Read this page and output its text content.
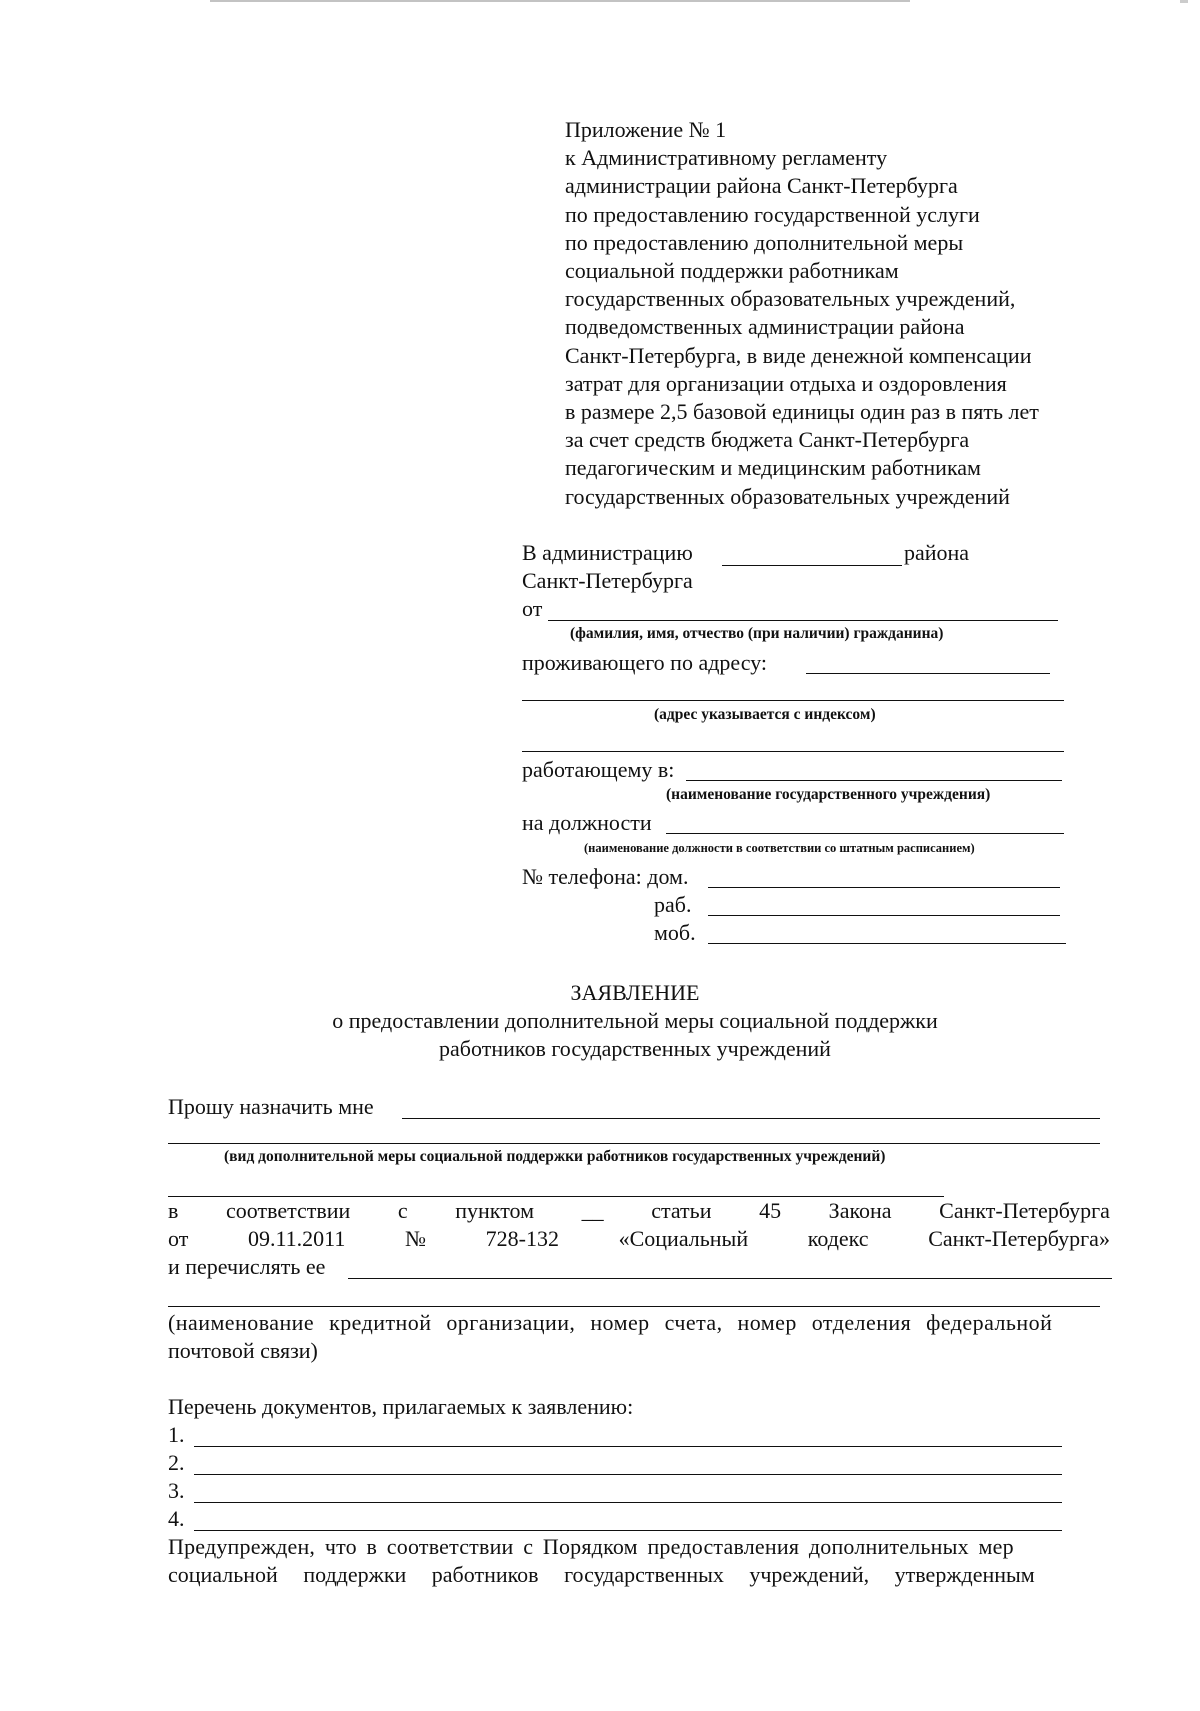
Приложение № 1
к Административному регламенту
администрации района Санкт-Петербурга
по предоставлению государственной услуги
по предоставлению дополнительной меры
социальной поддержки работникам
государственных образовательных учреждений,
подведомственных администрации района
Санкт-Петербурга, в виде денежной компенсации
затрат для организации отдыха и оздоровления
в размере 2,5 базовой единицы один раз в пять лет
за счет средств бюджета Санкт-Петербурга
педагогическим и медицинским работникам
государственных образовательных учреждений
В администрацию	района
Санкт-Петербурга
от
(фамилия, имя, отчество (при наличии) гражданина)
проживающего по адресу:
(адрес указывается с индексом)
работающему в:
(наименование государственного учреждения)
на должности
(наименование должности в соответствии со штатным расписанием)
№ телефона: дом.
раб.
моб.
ЗАЯВЛЕНИЕ
о предоставлении дополнительной меры социальной поддержки
работников государственных учреждений
Прошу назначить мне
(вид дополнительной меры социальной поддержки работников государственных учреждений)
в соответствии с пунктом __ статьи 45 Закона Санкт-Петербурга
от	09.11.2011	№	728-132	«Социальный	кодекс	Санкт-Петербурга»
и перечислять ее
(наименование кредитной организации, номер счета, номер отделения федеральной
почтовой связи)
Перечень документов, прилагаемых к заявлению:
1.
2.
3.
4.
Предупрежден, что в соответствии с Порядком предоставления дополнительных мер
социальной поддержки работников государственных учреждений, утвержденным
